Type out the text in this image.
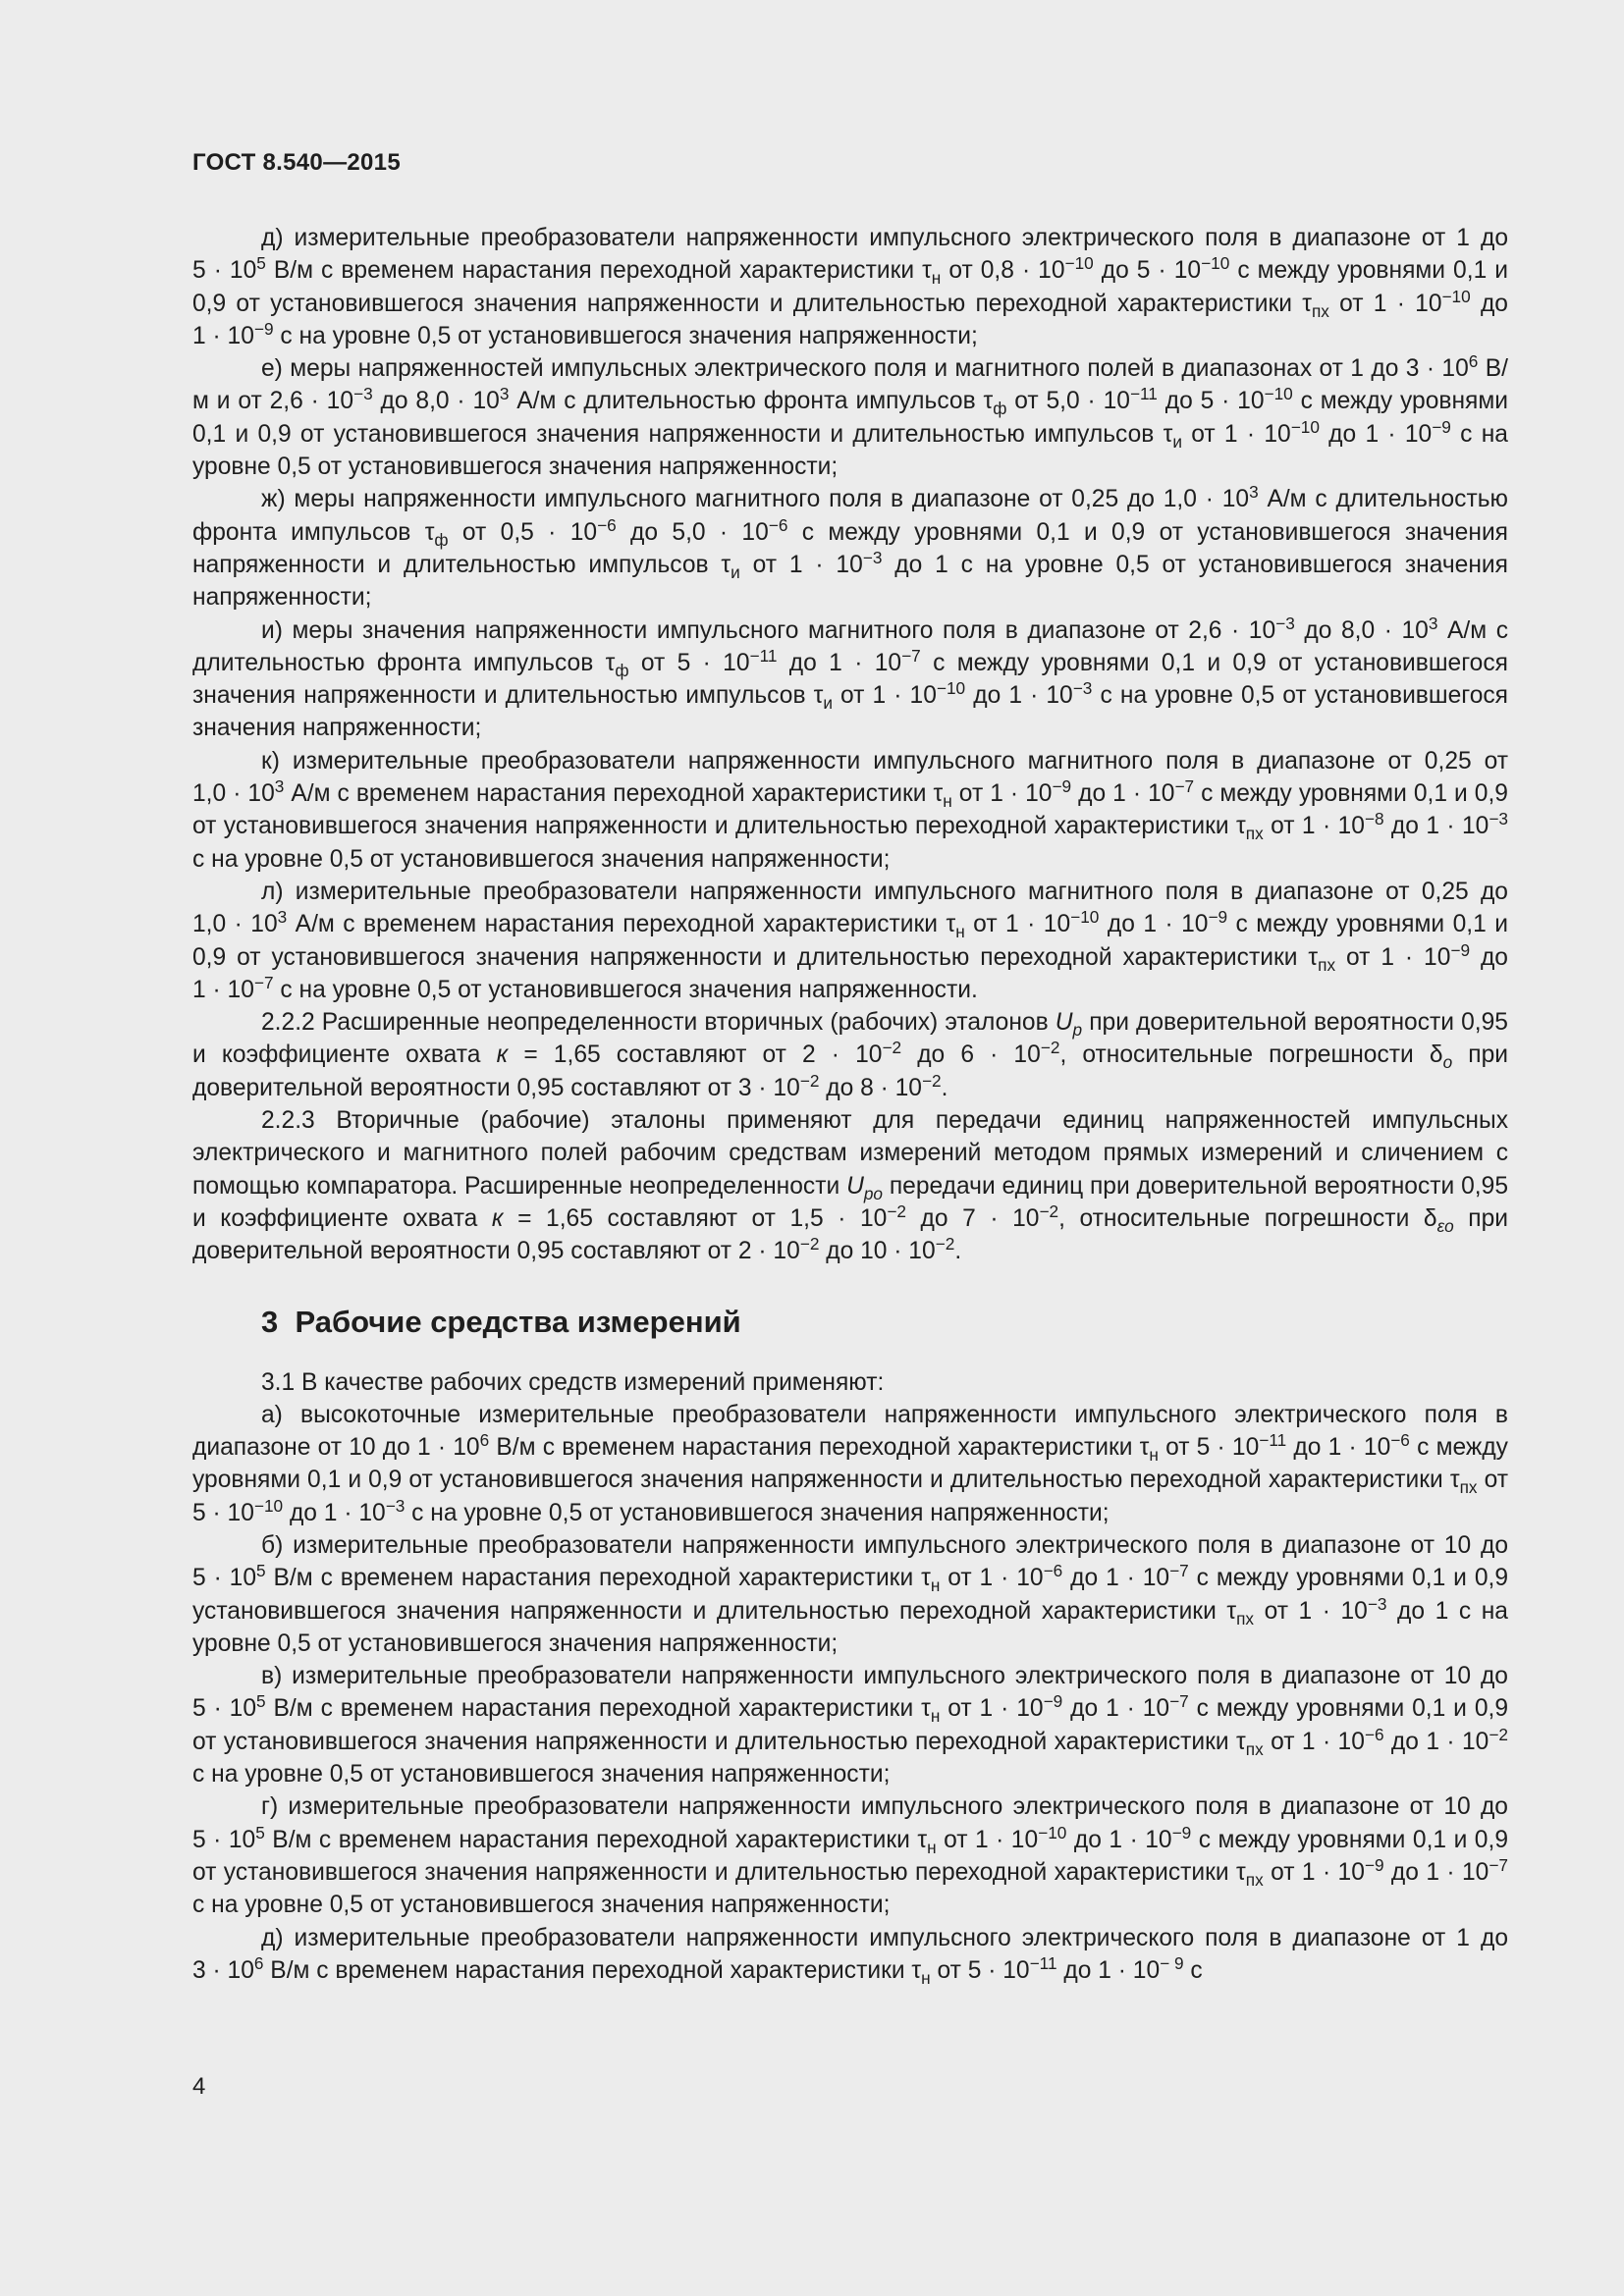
ГОСТ 8.540—2015

д) измерительные преобразователи напряженности импульсного электрического поля в диапазоне от 1 до $5 \cdot 10^5$ В/м с временем нарастания переходной характеристики $\tau_н$ от $0,8 \cdot 10^{-10}$ до $5 \cdot 10^{-10}$ с между уровнями 0,1 и 0,9 от установившегося значения напряженности и длительностью переходной характеристики $\tau_{пх}$ от $1 \cdot 10^{-10}$ до $1 \cdot 10^{-9}$ с на уровне 0,5 от установившегося значения напряженности;

е) меры напряженностей импульсных электрического поля и магнитного полей в диапазонах от 1 до $3 \cdot 10^6$ В/м и от $2,6 \cdot 10^{-3}$ до $8,0 \cdot 10^3$ А/м с длительностью фронта импульсов $\tau_ф$ от $5,0 \cdot 10^{-11}$ до $5 \cdot 10^{-10}$ с между уровнями 0,1 и 0,9 от установившегося значения напряженности и длительностью импульсов $\tau_и$ от $1 \cdot 10^{-10}$ до $1 \cdot 10^{-9}$ с на уровне 0,5 от установившегося значения напряженности;

ж) меры напряженности импульсного магнитного поля в диапазоне от 0,25 до $1,0 \cdot 10^3$ А/м с длительностью фронта импульсов $\tau_ф$ от $0,5 \cdot 10^{-6}$ до $5,0 \cdot 10^{-6}$ с между уровнями 0,1 и 0,9 от установившегося значения напряженности и длительностью импульсов $\tau_и$ от $1 \cdot 10^{-3}$ до 1 с на уровне 0,5 от установившегося значения напряженности;

и) меры значения напряженности импульсного магнитного поля в диапазоне от $2,6 \cdot 10^{-3}$ до $8,0 \cdot 10^3$ А/м с длительностью фронта импульсов $\tau_ф$ от $5 \cdot 10^{-11}$ до $1 \cdot 10^{-7}$ с между уровнями 0,1 и 0,9 от установившегося значения напряженности и длительностью импульсов $\tau_и$ от $1 \cdot 10^{-10}$ до $1 \cdot 10^{-3}$ с на уровне 0,5 от установившегося значения напряженности;

к) измерительные преобразователи напряженности импульсного магнитного поля в диапазоне от 0,25 от $1,0 \cdot 10^3$ А/м с временем нарастания переходной характеристики $\tau_н$ от $1 \cdot 10^{-9}$ до $1 \cdot 10^{-7}$ с между уровнями 0,1 и 0,9 от установившегося значения напряженности и длительностью переходной характеристики $\tau_{пх}$ от $1 \cdot 10^{-8}$ до $1 \cdot 10^{-3}$ с на уровне 0,5 от установившегося значения напряженности;

л) измерительные преобразователи напряженности импульсного магнитного поля в диапазоне от 0,25 до $1,0 \cdot 10^3$ А/м с временем нарастания переходной характеристики $\tau_н$ от $1 \cdot 10^{-10}$ до $1 \cdot 10^{-9}$ с между уровнями 0,1 и 0,9 от установившегося значения напряженности и длительностью переходной характеристики $\tau_{пх}$ от $1 \cdot 10^{-9}$ до $1 \cdot 10^{-7}$ с на уровне 0,5 от установившегося значения напряженности.

2.2.2 Расширенные неопределенности вторичных (рабочих) эталонов $U_р$ при доверительной вероятности 0,95 и коэффициенте охвата к = 1,65 составляют от $2 \cdot 10^{-2}$ до $6 \cdot 10^{-2}$, относительные погрешности $\delta_о$ при доверительной вероятности 0,95 составляют от $3 \cdot 10^{-2}$ до $8 \cdot 10^{-2}$.

2.2.3 Вторичные (рабочие) эталоны применяют для передачи единиц напряженностей импульсных электрического и магнитного полей рабочим средствам измерений методом прямых измерений и сличением с помощью компаратора. Расширенные неопределенности $U_{ро}$ передачи единиц при доверительной вероятности 0,95 и коэффициенте охвата к = 1,65 составляют от $1,5 \cdot 10^{-2}$ до $7 \cdot 10^{-2}$, относительные погрешности $\delta_{\varepsilon о}$ при доверительной вероятности 0,95 составляют от $2 \cdot 10^{-2}$ до $10 \cdot 10^{-2}$.

3  Рабочие средства измерений

3.1 В качестве рабочих средств измерений применяют:

а) высокоточные измерительные преобразователи напряженности импульсного электрического поля в диапазоне от 10 до $1 \cdot 10^6$ В/м с временем нарастания переходной характеристики $\tau_н$ от $5 \cdot 10^{-11}$ до $1 \cdot 10^{-6}$ с между уровнями 0,1 и 0,9 от установившегося значения напряженности и длительностью переходной характеристики $\tau_{пх}$ от $5 \cdot 10^{-10}$ до $1 \cdot 10^{-3}$ с на уровне 0,5 от установившегося значения напряженности;

б) измерительные преобразователи напряженности импульсного электрического поля в диапазоне от 10 до $5 \cdot 10^5$ В/м с временем нарастания переходной характеристики $\tau_н$ от $1 \cdot 10^{-6}$ до $1 \cdot 10^{-7}$ с между уровнями 0,1 и 0,9 установившегося значения напряженности и длительностью переходной характеристики $\tau_{пх}$ от $1 \cdot 10^{-3}$ до 1 с на уровне 0,5 от установившегося значения напряженности;

в) измерительные преобразователи напряженности импульсного электрического поля в диапазоне от 10 до $5 \cdot 10^5$ В/м с временем нарастания переходной характеристики $\tau_н$ от $1 \cdot 10^{-9}$ до $1 \cdot 10^{-7}$ с между уровнями 0,1 и 0,9 от установившегося значения напряженности и длительностью переходной характеристики $\tau_{пх}$ от $1 \cdot 10^{-6}$ до $1 \cdot 10^{-2}$ с на уровне 0,5 от установившегося значения напряженности;

г) измерительные преобразователи напряженности импульсного электрического поля в диапазоне от 10 до $5 \cdot 10^5$ В/м с временем нарастания переходной характеристики $\tau_н$ от $1 \cdot 10^{-10}$ до $1 \cdot 10^{-9}$ с между уровнями 0,1 и 0,9 от установившегося значения напряженности и длительностью переходной характеристики $\tau_{пх}$ от $1 \cdot 10^{-9}$ до $1 \cdot 10^{-7}$ с на уровне 0,5 от установившегося значения напряженности;

д) измерительные преобразователи напряженности импульсного электрического поля в диапазоне от 1 до $3 \cdot 10^6$ В/м с временем нарастания переходной характеристики $\tau_н$ от $5 \cdot 10^{-11}$ до $1 \cdot 10^{- 9}$ с

4
